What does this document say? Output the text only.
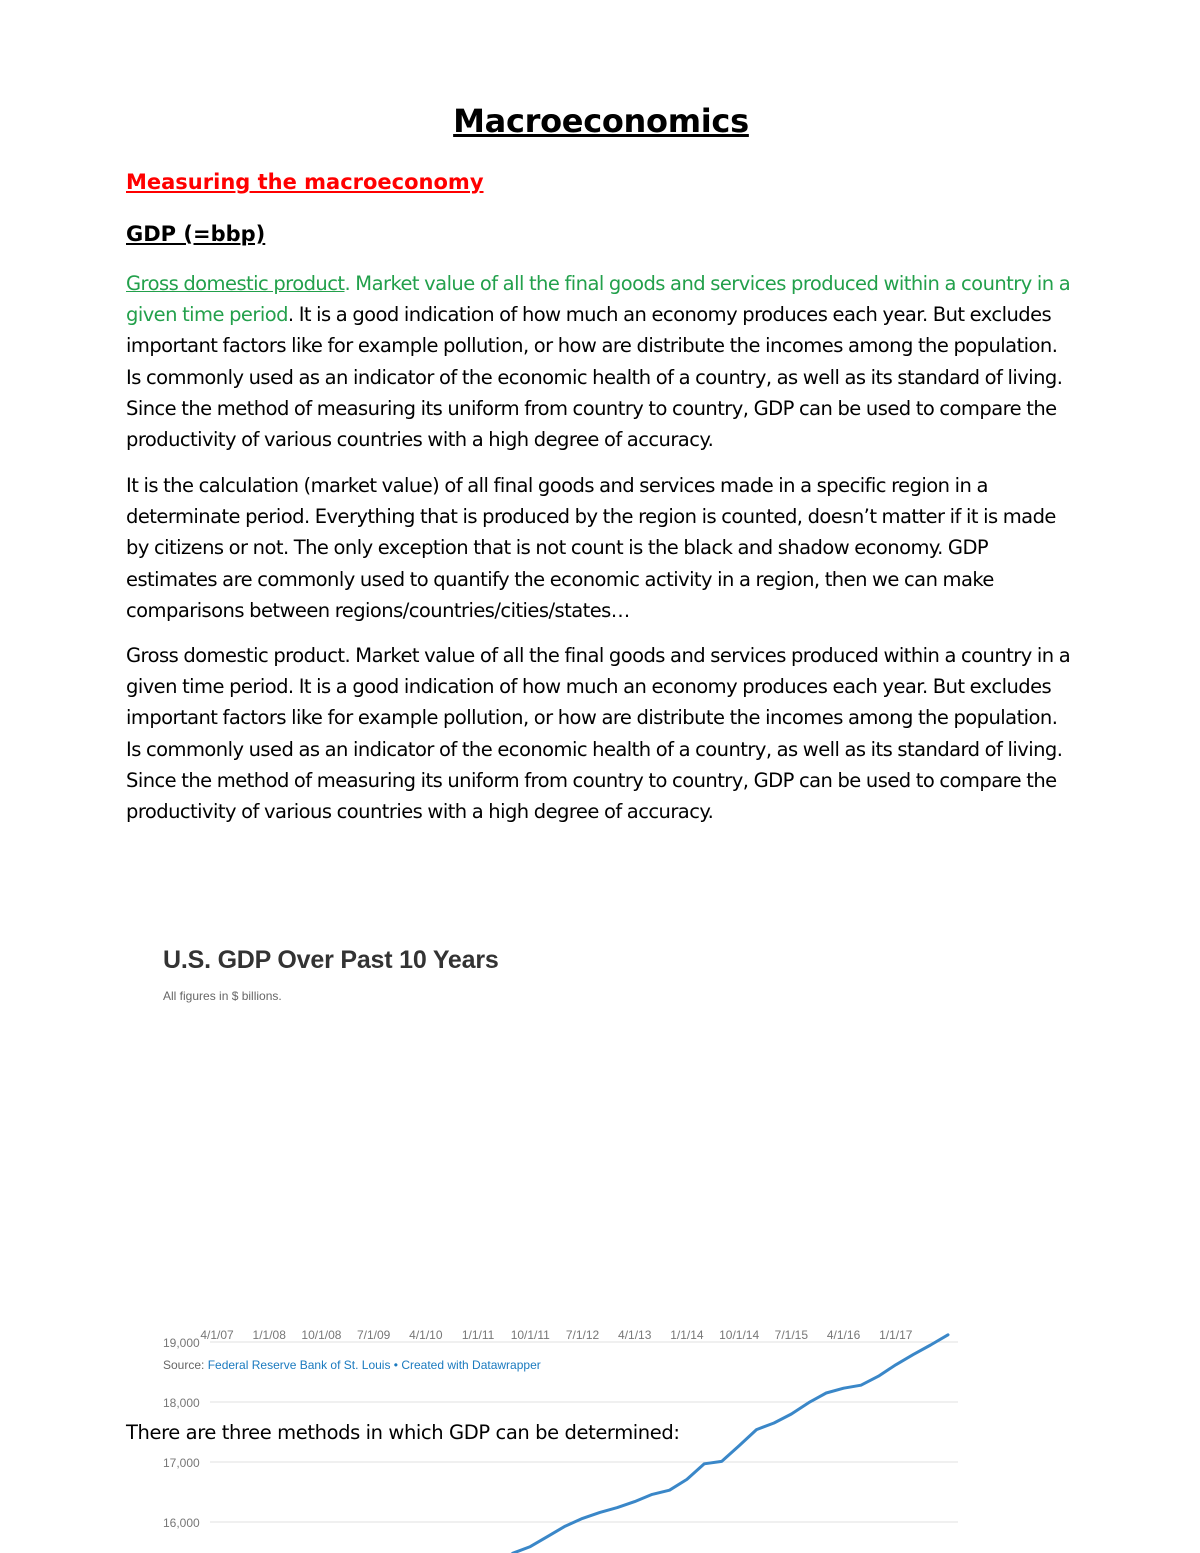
Macroeconomics
Measuring the macroeconomy
GDP (=bbp)
Gross domestic product. Market value of all the final goods and services produced within a country in a given time period. It is a good indication of how much an economy produces each year. But excludes important factors like for example pollution, or how are distribute the incomes among the population. Is commonly used as an indicator of the economic health of a country, as well as its standard of living. Since the method of measuring its uniform from country to country, GDP can be used to compare the productivity of various countries with a high degree of accuracy.
It is the calculation (market value) of all final goods and services made in a specific region in a determinate period. Everything that is produced by the region is counted, doesn’t matter if it is made by citizens or not. The only exception that is not count is the black and shadow economy. GDP estimates are commonly used to quantify the economic activity in a region, then we can make comparisons between regions/countries/cities/states…
Gross domestic product. Market value of all the final goods and services produced within a country in a given time period. It is a good indication of how much an economy produces each year. But excludes important factors like for example pollution, or how are distribute the incomes among the population. Is commonly used as an indicator of the economic health of a country, as well as its standard of living. Since the method of measuring its uniform from country to country, GDP can be used to compare the productivity of various countries with a high degree of accuracy.
There are three methods in which GDP can be determined:
U.S. GDP Over Past 10 Years
All figures in $ billions.
16,000
17,000
18,000
19,000
4/1/07 1/1/08 10/1/08 7/1/09 4/1/10 1/1/11 10/1/11 7/1/12 4/1/13 1/1/14 10/1/14 7/1/15 4/1/16 1/1/17
Source: Federal Reserve Bank of St. Louis • Created with Datawrapper
